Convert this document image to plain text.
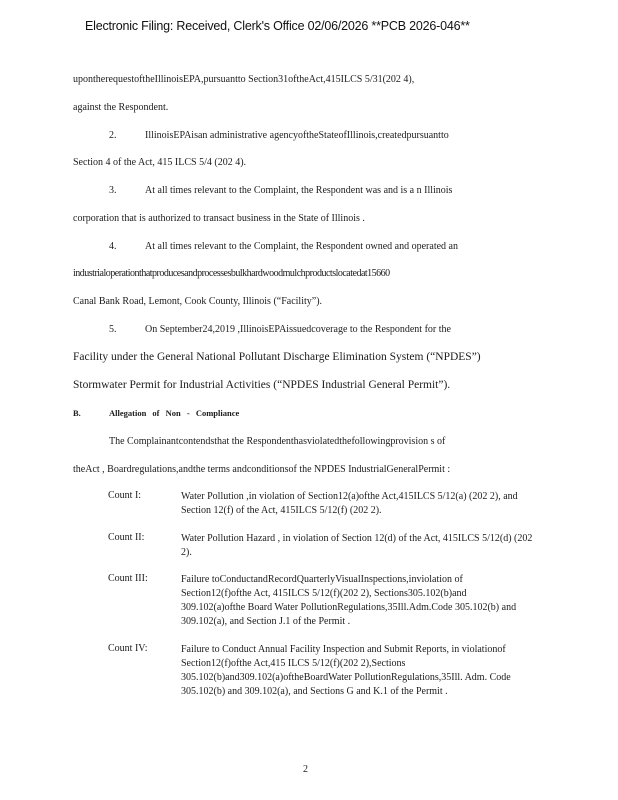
Electronic Filing: Received, Clerk's Office 02/06/2026 **PCB 2026-046**
upontherequestoftheIllinoisEPA,pursuantto Section31oftheAct,415ILCS 5/31(202 4),
against the Respondent.
2.	IllinoisEPAisan administrative agencyoftheStateofIllinois,createdpursuantto
Section 4 of the Act, 415 ILCS 5/4 (202 4).
3.	At all times relevant to the Complaint, the Respondent was and is a n Illinois
corporation that is authorized to transact business in the State of Illinois .
4.	At all times relevant to the Complaint, the Respondent owned and operated an
industrialoperationthatproducesandprocessesbulkhardwoodmulchproductslocatedat15660
Canal Bank Road, Lemont, Cook County, Illinois (“Facility”).
5.	On September24,2019 ,IllinoisEPAissuedcoverage to the Respondent for the
Facility under the General National Pollutant Discharge Elimination System (“NPDES”)
Stormwater Permit for Industrial Activities (“NPDES Industrial General Permit”).
B.	Allegation of Non - Compliance
The Complainantcontendsthat the Respondenthasviolatedthefollowingprovision s of
theAct , Boardregulations,andthe terms andconditionsof the NPDES IndustrialGeneralPermit :
Count I:	Water Pollution ,in violation of Section12(a)ofthe Act,415ILCS 5/12(a) (202 2), and Section 12(f) of the Act, 415ILCS 5/12(f) (202 2).
Count II:	Water Pollution Hazard , in violation of Section 12(d) of the Act, 415ILCS 5/12(d) (202 2).
Count III:	Failure toConductandRecordQuarterlyVisualInspections,inviolation of Section12(f)ofthe Act, 415ILCS 5/12(f)(202 2), Sections305.102(b)and 309.102(a)ofthe Board Water PollutionRegulations,35Ill.Adm.Code 305.102(b) and 309.102(a), and Section J.1 of the Permit .
Count IV:	Failure to Conduct Annual Facility Inspection and Submit Reports, in violationof Section12(f)ofthe Act,415 ILCS 5/12(f)(202 2),Sections 305.102(b)and309.102(a)oftheBoardWater PollutionRegulations,35Ill. Adm. Code 305.102(b) and 309.102(a), and Sections G and K.1 of the Permit .
2
